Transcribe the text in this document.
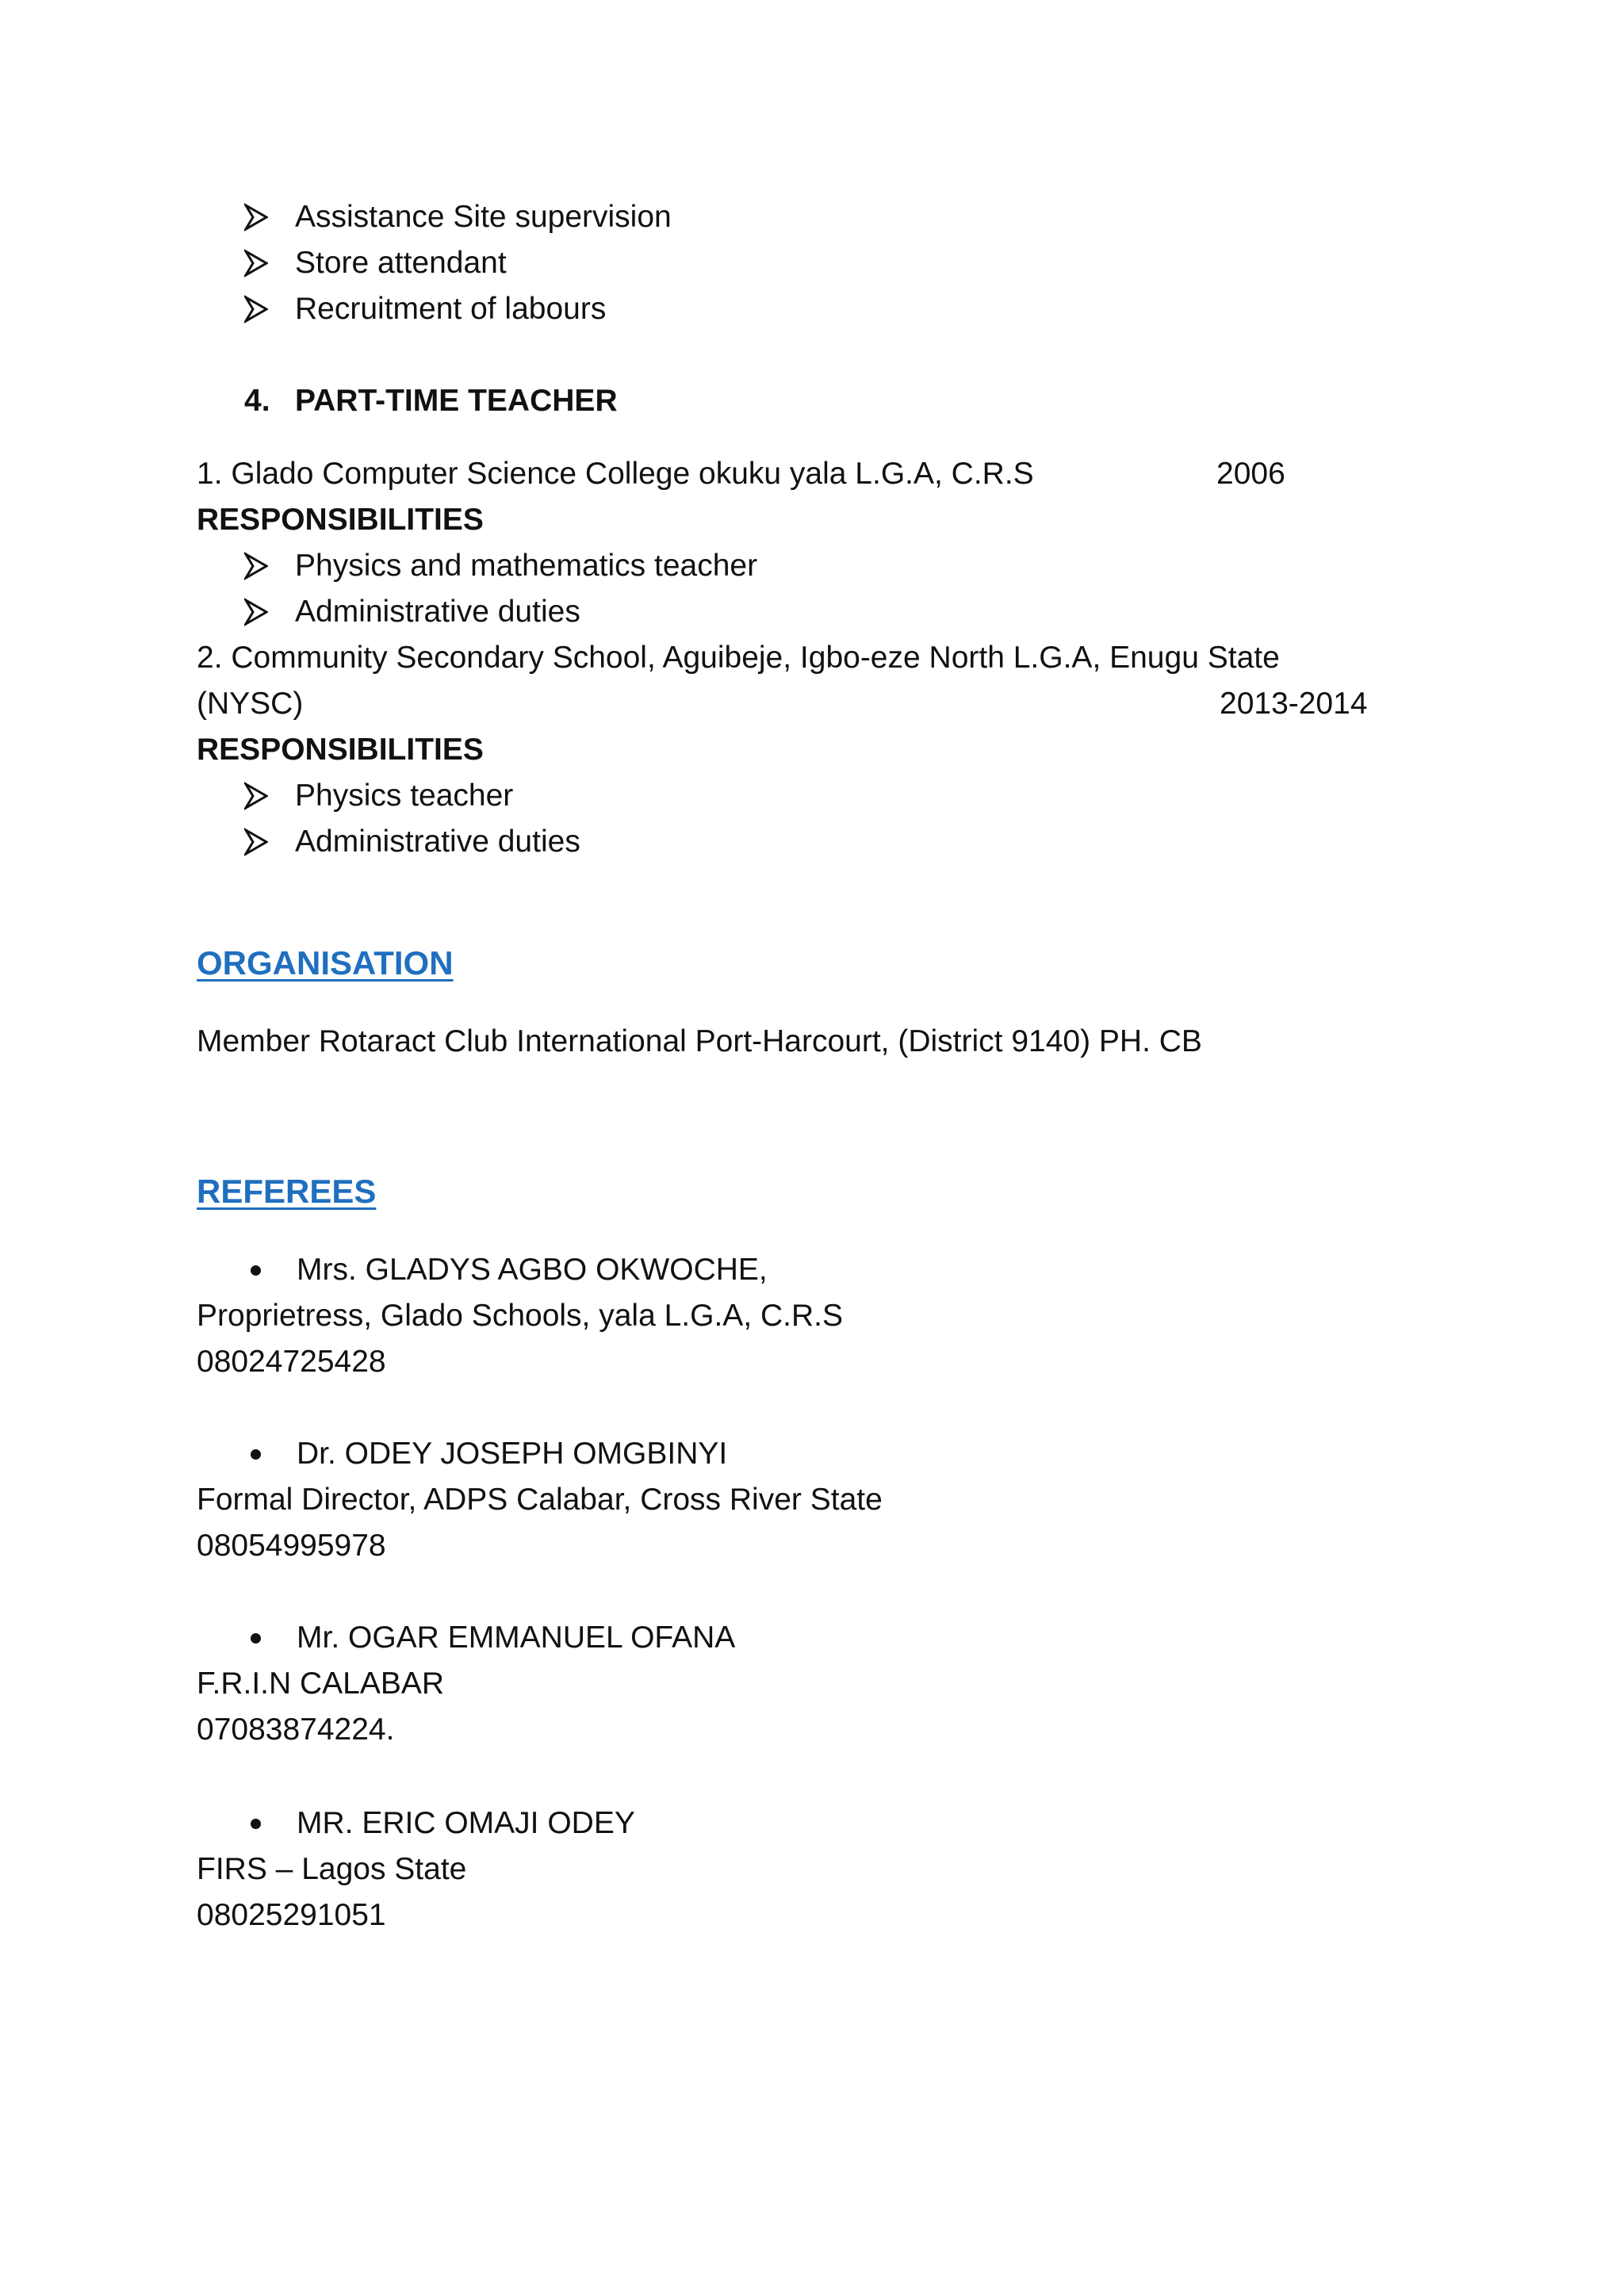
Assistance Site supervision
Store attendant
Recruitment of labours
4. PART-TIME TEACHER
1. Glado Computer Science College okuku yala L.G.A, C.R.S	2006
RESPONSIBILITIES
Physics and mathematics teacher
Administrative duties
2. Community Secondary School, Aguibeje, Igbo-eze North L.G.A, Enugu State
(NYSC)	2013-2014
RESPONSIBILITIES
Physics teacher
Administrative duties
ORGANISATION
Member Rotaract Club International Port-Harcourt, (District 9140) PH. CB
REFEREES
Mrs. GLADYS AGBO OKWOCHE,
Proprietress, Glado Schools, yala L.G.A, C.R.S
08024725428
Dr. ODEY JOSEPH OMGBINYI
Formal Director, ADPS Calabar, Cross River State
08054995978
Mr. OGAR EMMANUEL OFANA
F.R.I.N CALABAR
07083874224.
MR. ERIC OMAJI ODEY
FIRS – Lagos State
08025291051
